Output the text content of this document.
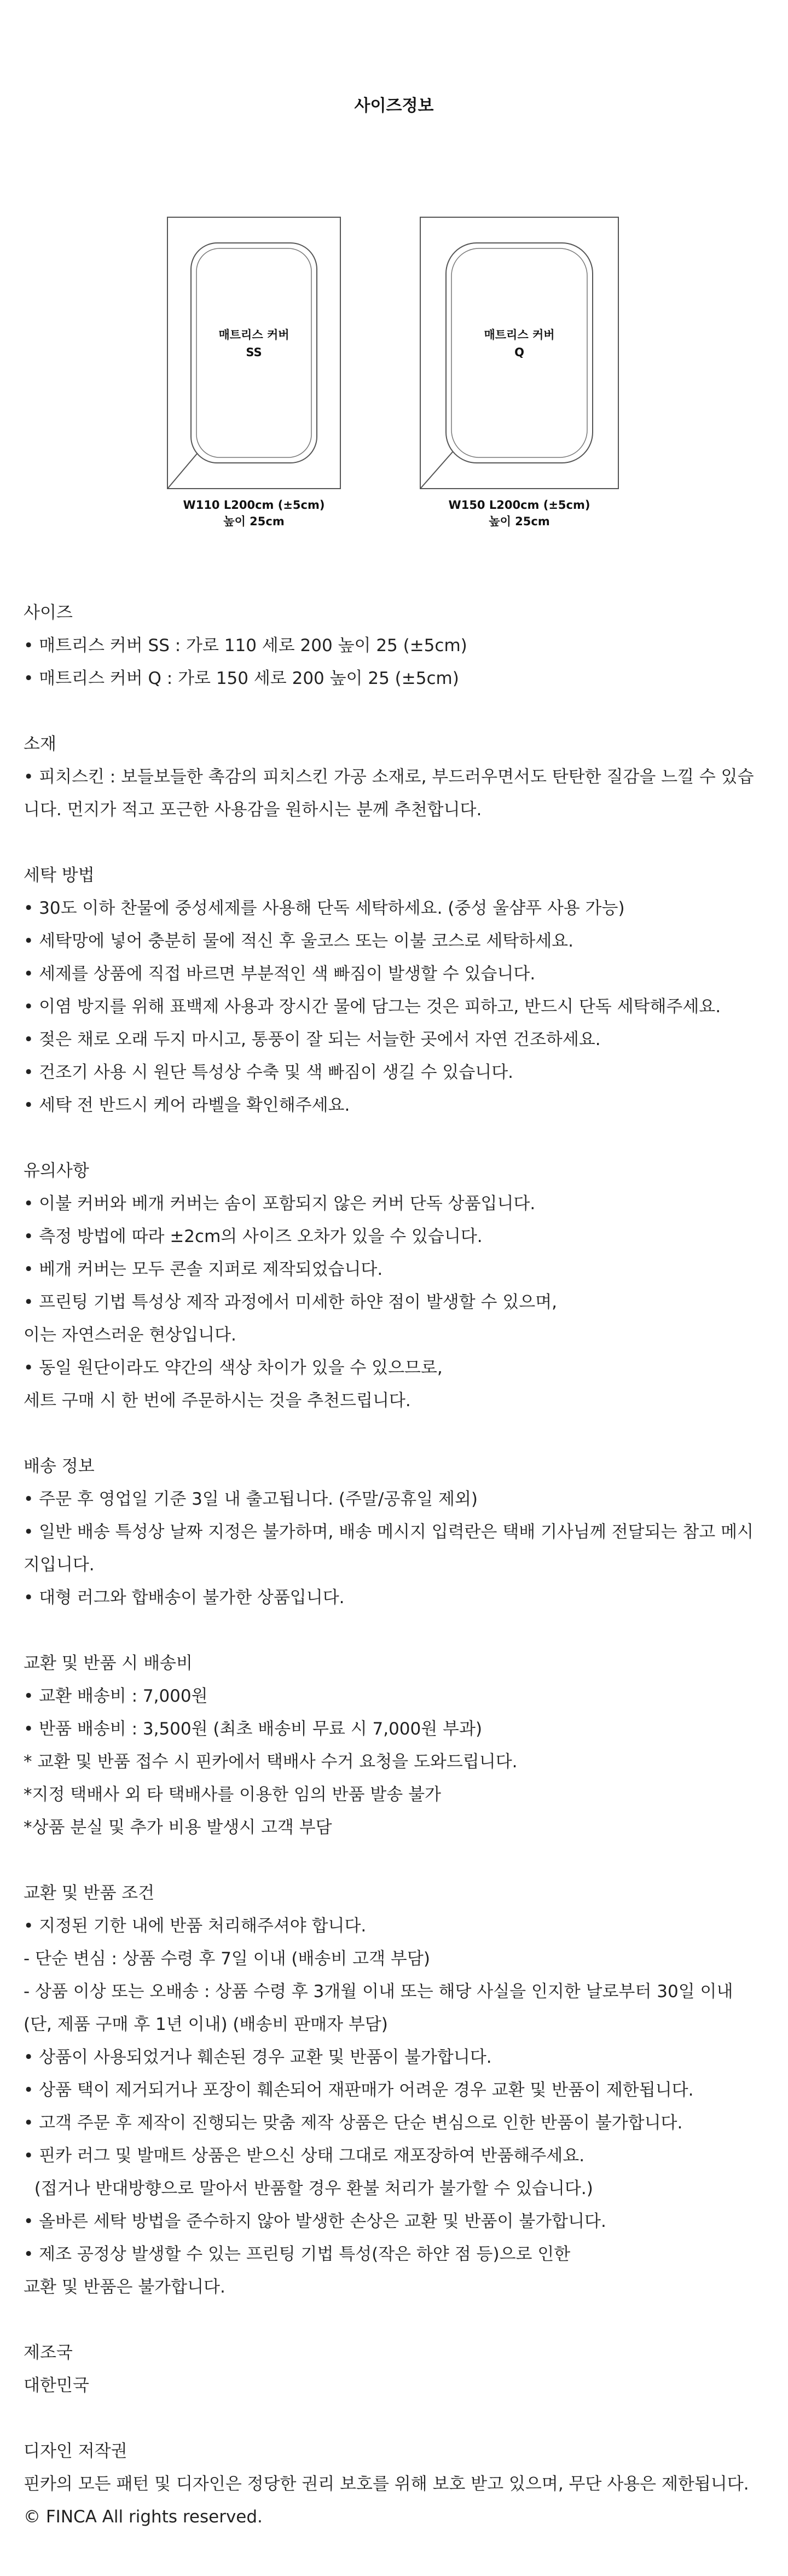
사이즈정보
매트리스 커버
SS
W110 L200cm (±5cm)
높이 25cm
매트리스 커버
Q
W150 L200cm (±5cm)
높이 25cm
사이즈
• 매트리스 커버 SS : 가로 110 세로 200 높이 25 (±5cm)
• 매트리스 커버 Q : 가로 150 세로 200 높이 25 (±5cm)
소재
• 피치스킨 : 보들보들한 촉감의 피치스킨 가공 소재로, 부드러우면서도 탄탄한 질감을 느낄 수 있습니다. 먼지가 적고 포근한 사용감을 원하시는 분께 추천합니다.
세탁 방법
• 30도 이하 찬물에 중성세제를 사용해 단독 세탁하세요. (중성 울샴푸 사용 가능)
• 세탁망에 넣어 충분히 물에 적신 후 울코스 또는 이불 코스로 세탁하세요.
• 세제를 상품에 직접 바르면 부분적인 색 빠짐이 발생할 수 있습니다.
• 이염 방지를 위해 표백제 사용과 장시간 물에 담그는 것은 피하고, 반드시 단독 세탁해주세요.
• 젖은 채로 오래 두지 마시고, 통풍이 잘 되는 서늘한 곳에서 자연 건조하세요.
• 건조기 사용 시 원단 특성상 수축 및 색 빠짐이 생길 수 있습니다.
• 세탁 전 반드시 케어 라벨을 확인해주세요.
유의사항
• 이불 커버와 베개 커버는 솜이 포함되지 않은 커버 단독 상품입니다.
• 측정 방법에 따라 ±2cm의 사이즈 오차가 있을 수 있습니다.
• 베개 커버는 모두 콘솔 지퍼로 제작되었습니다.
• 프린팅 기법 특성상 제작 과정에서 미세한 하얀 점이 발생할 수 있으며,
이는 자연스러운 현상입니다.
• 동일 원단이라도 약간의 색상 차이가 있을 수 있으므로,
세트 구매 시 한 번에 주문하시는 것을 추천드립니다.
배송 정보
• 주문 후 영업일 기준 3일 내 출고됩니다. (주말/공휴일 제외)
• 일반 배송 특성상 날짜 지정은 불가하며, 배송 메시지 입력란은 택배 기사님께 전달되는 참고 메시지입니다.
• 대형 러그와 합배송이 불가한 상품입니다.
교환 및 반품 시 배송비
• 교환 배송비 : 7,000원
• 반품 배송비 : 3,500원 (최초 배송비 무료 시 7,000원 부과)
* 교환 및 반품 접수 시 핀카에서 택배사 수거 요청을 도와드립니다.
*지정 택배사 외 타 택배사를 이용한 임의 반품 발송 불가
*상품 분실 및 추가 비용 발생시 고객 부담
교환 및 반품 조건
• 지정된 기한 내에 반품 처리해주셔야 합니다.
- 단순 변심 : 상품 수령 후 7일 이내 (배송비 고객 부담)
- 상품 이상 또는 오배송 : 상품 수령 후 3개월 이내 또는 해당 사실을 인지한 날로부터 30일 이내
(단, 제품 구매 후 1년 이내) (배송비 판매자 부담)
• 상품이 사용되었거나 훼손된 경우 교환 및 반품이 불가합니다.
• 상품 택이 제거되거나 포장이 훼손되어 재판매가 어려운 경우 교환 및 반품이 제한됩니다.
• 고객 주문 후 제작이 진행되는 맞춤 제작 상품은 단순 변심으로 인한 반품이 불가합니다.
• 핀카 러그 및 발매트 상품은 받으신 상태 그대로 재포장하여 반품해주세요.
(접거나 반대방향으로 말아서 반품할 경우 환불 처리가 불가할 수 있습니다.)
• 올바른 세탁 방법을 준수하지 않아 발생한 손상은 교환 및 반품이 불가합니다.
• 제조 공정상 발생할 수 있는 프린팅 기법 특성(작은 하얀 점 등)으로 인한
교환 및 반품은 불가합니다.
제조국
대한민국
디자인 저작권
핀카의 모든 패턴 및 디자인은 정당한 권리 보호를 위해 보호 받고 있으며, 무단 사용은 제한됩니다.
© FINCA All rights reserved.
